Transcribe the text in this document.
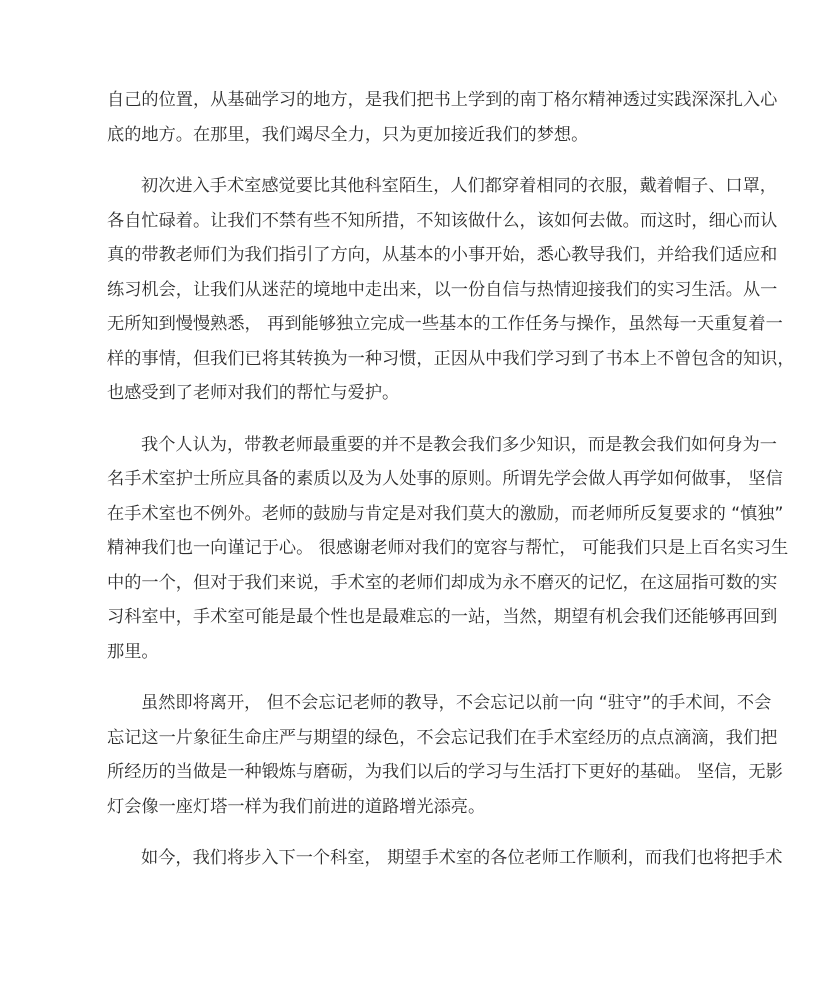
自己的位置，从基础学习的地方，是我们把书上学到的南丁格尔精神透过实践深深扎入心
底的地方。在那里，我们竭尽全力，只为更加接近我们的梦想。
初次进入手术室感觉要比其他科室陌生，人们都穿着相同的衣服，戴着帽子、口罩，
各自忙碌着。让我们不禁有些不知所措，不知该做什么，该如何去做。而这时，细心而认
真的带教老师们为我们指引了方向，从基本的小事开始，悉心教导我们，并给我们适应和
练习机会，让我们从迷茫的境地中走出来，以一份自信与热情迎接我们的实习生活。从一
无所知到慢慢熟悉， 再到能够独立完成一些基本的工作任务与操作，虽然每一天重复着一
样的事情，但我们已将其转换为一种习惯，正因从中我们学习到了书本上不曾包含的知识，
也感受到了老师对我们的帮忙与爱护。
我个人认为，带教老师最重要的并不是教会我们多少知识，而是教会我们如何身为一
名手术室护士所应具备的素质以及为人处事的原则。所谓先学会做人再学如何做事， 坚信
在手术室也不例外。老师的鼓励与肯定是对我们莫大的激励，而老师所反复要求的 “慎独”
精神我们也一向谨记于心。 很感谢老师对我们的宽容与帮忙， 可能我们只是上百名实习生
中的一个，但对于我们来说，手术室的老师们却成为永不磨灭的记忆，在这屈指可数的实
习科室中，手术室可能是最个性也是最难忘的一站，当然，期望有机会我们还能够再回到
那里。
虽然即将离开， 但不会忘记老师的教导，不会忘记以前一向 “驻守”的手术间，不会
忘记这一片象征生命庄严与期望的绿色，不会忘记我们在手术室经历的点点滴滴，我们把
所经历的当做是一种锻炼与磨砺，为我们以后的学习与生活打下更好的基础。 坚信，无影
灯会像一座灯塔一样为我们前进的道路增光添亮。
如今，我们将步入下一个科室， 期望手术室的各位老师工作顺利，而我们也将把手术
